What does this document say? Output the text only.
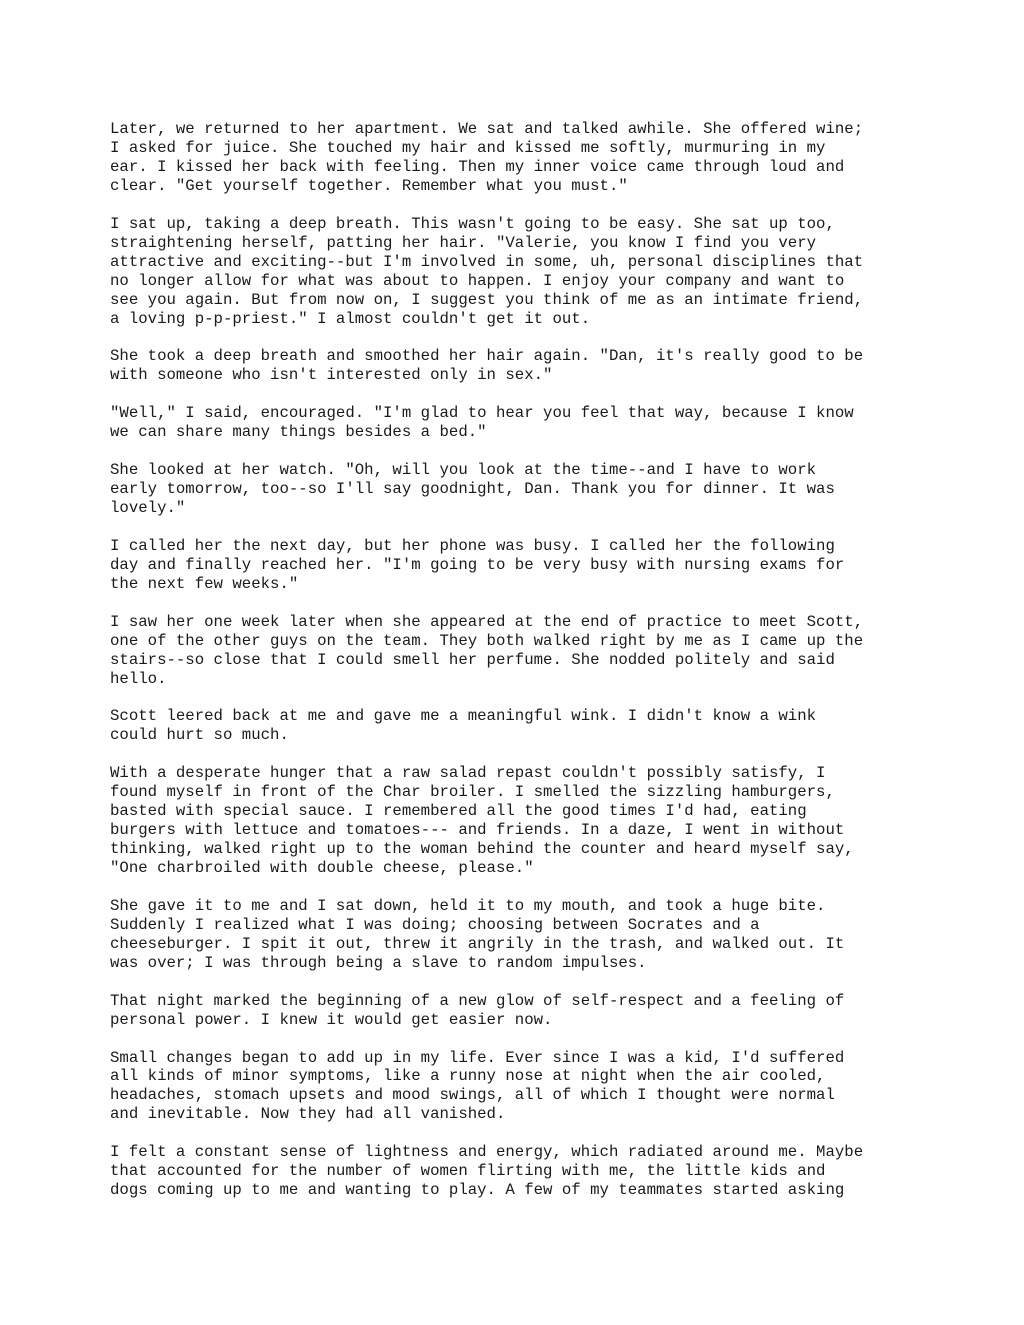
Later, we returned to her apartment. We sat and talked awhile. She offered wine;
I asked for juice. She touched my hair and kissed me softly, murmuring in my
ear. I kissed her back with feeling. Then my inner voice came through loud and
clear. "Get yourself together. Remember what you must."

I sat up, taking a deep breath. This wasn't going to be easy. She sat up too,
straightening herself, patting her hair. "Valerie, you know I find you very
attractive and exciting--but I'm involved in some, uh, personal disciplines that
no longer allow for what was about to happen. I enjoy your company and want to
see you again. But from now on, I suggest you think of me as an intimate friend,
a loving p-p-priest." I almost couldn't get it out.

She took a deep breath and smoothed her hair again. "Dan, it's really good to be
with someone who isn't interested only in sex."

"Well," I said, encouraged. "I'm glad to hear you feel that way, because I know
we can share many things besides a bed."

She looked at her watch. "Oh, will you look at the time--and I have to work
early tomorrow, too--so I'll say goodnight, Dan. Thank you for dinner. It was
lovely."

I called her the next day, but her phone was busy. I called her the following
day and finally reached her. "I'm going to be very busy with nursing exams for
the next few weeks."

I saw her one week later when she appeared at the end of practice to meet Scott,
one of the other guys on the team. They both walked right by me as I came up the
stairs--so close that I could smell her perfume. She nodded politely and said
hello.

Scott leered back at me and gave me a meaningful wink. I didn't know a wink
could hurt so much.

With a desperate hunger that a raw salad repast couldn't possibly satisfy, I
found myself in front of the Char broiler. I smelled the sizzling hamburgers,
basted with special sauce. I remembered all the good times I'd had, eating
burgers with lettuce and tomatoes--- and friends. In a daze, I went in without
thinking, walked right up to the woman behind the counter and heard myself say,
"One charbroiled with double cheese, please."

She gave it to me and I sat down, held it to my mouth, and took a huge bite.
Suddenly I realized what I was doing; choosing between Socrates and a
cheeseburger. I spit it out, threw it angrily in the trash, and walked out. It
was over; I was through being a slave to random impulses.

That night marked the beginning of a new glow of self-respect and a feeling of
personal power. I knew it would get easier now.

Small changes began to add up in my life. Ever since I was a kid, I'd suffered
all kinds of minor symptoms, like a runny nose at night when the air cooled,
headaches, stomach upsets and mood swings, all of which I thought were normal
and inevitable. Now they had all vanished.

I felt a constant sense of lightness and energy, which radiated around me. Maybe
that accounted for the number of women flirting with me, the little kids and
dogs coming up to me and wanting to play. A few of my teammates started asking
